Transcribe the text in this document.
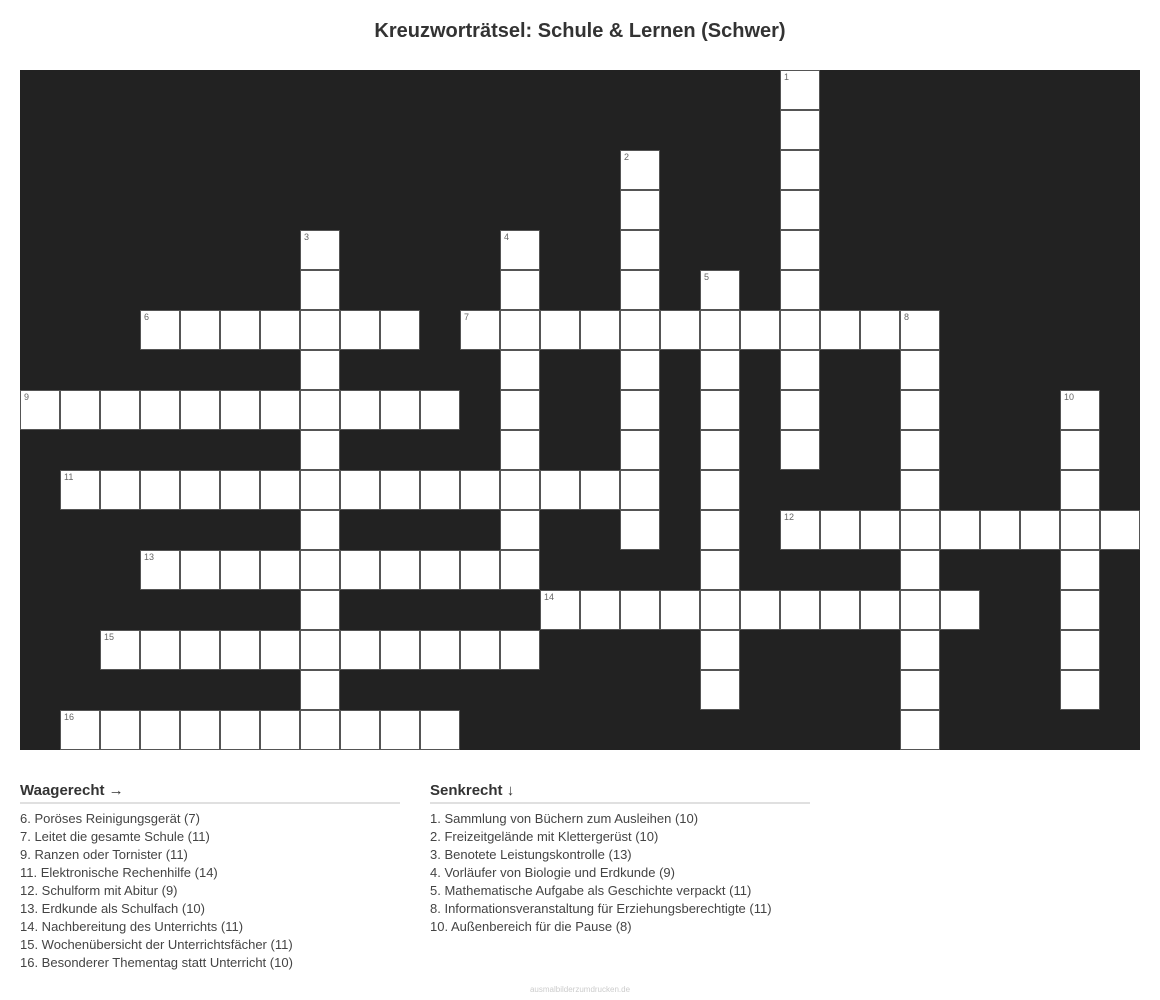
Kreuzworträtsel: Schule & Lernen (Schwer)
1
2
3	4
5
6	7	8
9	10
11
12
13
14
15
16
Waagerecht →
6. Poröses Reinigungsgerät (7)
7. Leitet die gesamte Schule (11)
9. Ranzen oder Tornister (11)
11. Elektronische Rechenhilfe (14)
12. Schulform mit Abitur (9)
13. Erdkunde als Schulfach (10)
14. Nachbereitung des Unterrichts (11)
15. Wochenübersicht der Unterrichtsfächer (11)
16. Besonderer Thementag statt Unterricht (10)
Senkrecht ↓
1. Sammlung von Büchern zum Ausleihen (10)
2. Freizeitgelände mit Klettergerüst (10)
3. Benotete Leistungskontrolle (13)
4. Vorläufer von Biologie und Erdkunde (9)
5. Mathematische Aufgabe als Geschichte verpackt (11)
8. Informationsveranstaltung für Erziehungsberechtigte (11)
10. Außenbereich für die Pause (8)
ausmalbilderzumdrucken.de
